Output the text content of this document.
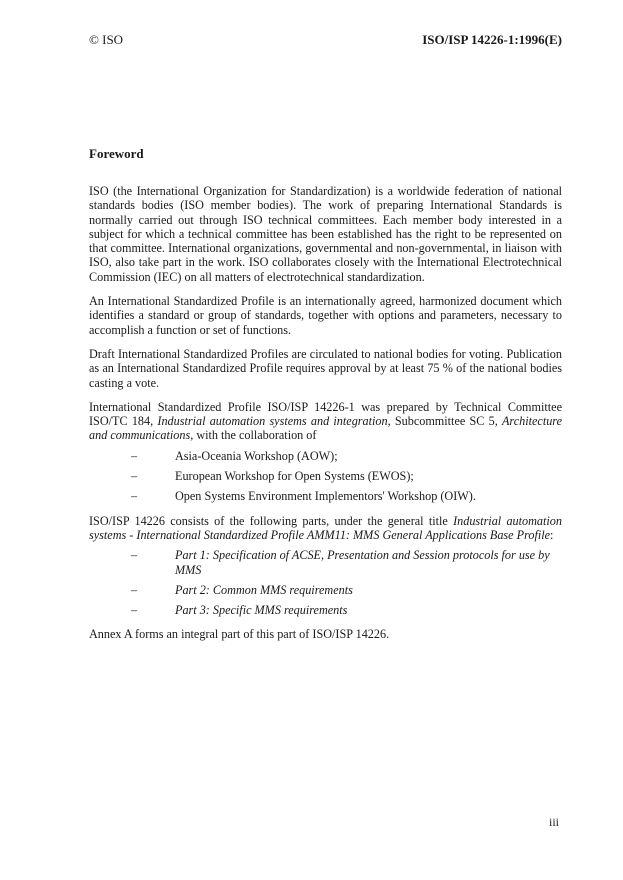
© ISO	ISO/ISP 14226-1:1996(E)
Foreword

ISO (the International Organization for Standardization) is a worldwide federation of national standards bodies (ISO member bodies). The work of preparing International Standards is normally carried out through ISO technical committees. Each member body interested in a subject for which a technical committee has been established has the right to be represented on that committee. International organizations, governmental and non-governmental, in liaison with ISO, also take part in the work. ISO collaborates closely with the International Electrotechnical Commission (IEC) on all matters of electrotechnical standardization.

An International Standardized Profile is an internationally agreed, harmonized document which identifies a standard or group of standards, together with options and parameters, necessary to accomplish a function or set of functions.

Draft International Standardized Profiles are circulated to national bodies for voting. Publication as an International Standardized Profile requires approval by at least 75 % of the national bodies casting a vote.

International Standardized Profile ISO/ISP 14226-1 was prepared by Technical Committee ISO/TC 184, Industrial automation systems and integration, Subcommittee SC 5, Architecture and communications, with the collaboration of

–	Asia-Oceania Workshop (AOW);
–	European Workshop for Open Systems (EWOS);
–	Open Systems Environment Implementors' Workshop (OIW).

ISO/ISP 14226 consists of the following parts, under the general title Industrial automation systems - International Standardized Profile AMM11: MMS General Applications Base Profile:

–	Part 1: Specification of ACSE, Presentation and Session protocols for use by MMS
–	Part 2: Common MMS requirements
–	Part 3: Specific MMS requirements

Annex A forms an integral part of this part of ISO/ISP 14226.

iii
